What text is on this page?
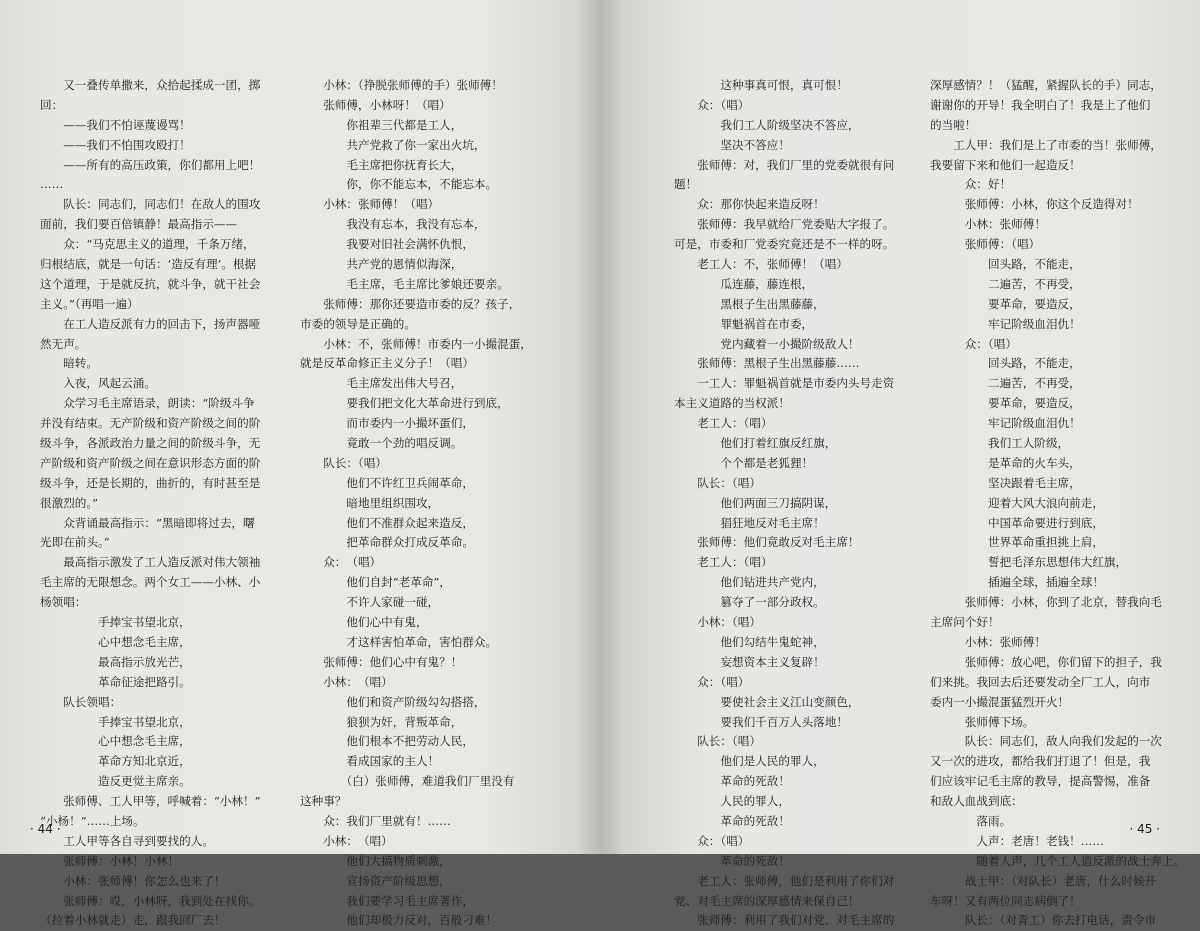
　　又一叠传单撒来，众拾起揉成一团，掷
回：
　　——我们不怕诬蔑谩骂！
　　——我们不怕围攻殴打！
　　——所有的高压政策，你们都用上吧！
……
　　队长：同志们，同志们！在敌人的围攻
面前，我们要百倍镇静！最高指示——
　　众：“马克思主义的道理，千条万绪，
归根结底，就是一句话：‘造反有理’。根据
这个道理，于是就反抗，就斗争，就干社会
主义。”（再唱一遍）
　　在工人造反派有力的回击下，扬声器哑
然无声。
　　暗转。
　　入夜，风起云涌。
　　众学习毛主席语录，朗读：“阶级斗争
并没有结束。无产阶级和资产阶级之间的阶
级斗争，各派政治力量之间的阶级斗争，无
产阶级和资产阶级之间在意识形态方面的阶
级斗争，还是长期的，曲折的，有时甚至是
很激烈的。”
　　众背诵最高指示：“黑暗即将过去，曙
光即在前头。”
　　最高指示激发了工人造反派对伟大领袖
毛主席的无限想念。两个女工——小林、小
杨领唱：
　　　　　手捧宝书望北京，
　　　　　心中想念毛主席，
　　　　　最高指示放光芒，
　　　　　革命征途把路引。
　　队长领唱：
　　　　　手捧宝书望北京，
　　　　　心中想念毛主席，
　　　　　革命方知北京近，
　　　　　造反更觉主席亲。
　　张师傅、工人甲等，呼喊着：“小林！”
“小杨！”……上场。
　　工人甲等各自寻到要找的人。
　　张师傅：小林！小林！
　　小林：张师傅！你怎么也来了！
　　张师傅：哎，小林呀，我到处在找你。
（拉着小林就走）走，跟我回厂去！
　　小林：（挣脱张师傅的手）张师傅！
　　张师傅，小林呀！（唱）
　　　　你祖辈三代都是工人，
　　　　共产党救了你一家出火坑，
　　　　毛主席把你抚育长大，
　　　　你，你不能忘本，不能忘本。
　　小林：张师傅！（唱）
　　　　我没有忘本，我没有忘本，
　　　　我要对旧社会满怀仇恨，
　　　　共产党的恩情似海深，
　　　　毛主席，毛主席比爹娘还要亲。
　　张师傅：那你还要造市委的反？孩子，
市委的领导是正确的。
　　小林：不，张师傅！市委内一小撮混蛋，
就是反革命修正主义分子！（唱）
　　　　毛主席发出伟大号召，
　　　　要我们把文化大革命进行到底，
　　　　而市委内一小撮坏蛋们，
　　　　竟敢一个劲的唱反调。
　　队长：（唱）
　　　　他们不许红卫兵闹革命，
　　　　暗地里组织围攻，
　　　　他们不准群众起来造反，
　　　　把革命群众打成反革命。
　　众：　（唱）
　　　　他们自封“老革命”，
　　　　不许人家碰一碰，
　　　　他们心中有鬼，
　　　　才这样害怕革命，害怕群众。
　　张师傅：他们心中有鬼？！
　　小林：　（唱）
　　　　他们和资产阶级勾勾搭搭，
　　　　狼狈为奸，背叛革命，
　　　　他们根本不把劳动人民，
　　　　看成国家的主人！
　　　　（白）张师傅，难道我们厂里没有
这种事？
　　众：我们厂里就有！……
　　小林：　（唱）
　　　　他们大搞物质刺激，
　　　　宣扬资产阶级思想，
　　　　我们要学习毛主席著作，
　　　　他们却极力反对，百般刁难！
· 44 ·
　　　　这种事真可恨，真可恨！
　　众：（唱）
　　　　我们工人阶级坚决不答应，
　　　　坚决不答应！
　　张师傅：对，我们厂里的党委就很有问
题！
　　众：那你快起来造反呀！
　　张师傅：我早就给厂党委贴大字报了。
可是，市委和厂党委究竟还是不一样的呀。
　　老工人：不，张师傅！（唱）
　　　　瓜连藤，藤连根，
　　　　黑根子生出黑藤藤，
　　　　罪魁祸首在市委，
　　　　党内藏着一小撮阶级敌人！
　　张师傅：黑根子生出黑藤藤……
　　一工人：罪魁祸首就是市委内头号走资
本主义道路的当权派！
　　老工人：（唱）
　　　　他们打着红旗反红旗，
　　　　个个都是老狐狸！
　　队长：（唱）
　　　　他们两面三刀搞阴谋，
　　　　猖狂地反对毛主席！
　　张师傅：他们竟敢反对毛主席！
　　老工人：（唱）
　　　　他们钻进共产党内，
　　　　篡夺了一部分政权。
　　小林：（唱）
　　　　他们勾结牛鬼蛇神，
　　　　妄想资本主义复辟！
　　众：（唱）
　　　　要使社会主义江山变颜色，
　　　　要我们千百万人头落地！
　　队长：（唱）
　　　　他们是人民的罪人，
　　　　革命的死敌！
　　　　人民的罪人，
　　　　革命的死敌！
　　众：（唱）
　　　　革命的死敌！
　　老工人：张师傅，他们是利用了你们对
党、对毛主席的深厚感情来保自己！
　　张师傅：利用了我们对党、对毛主席的
深厚感情？！（猛醒，紧握队长的手）同志，
谢谢你的开导！我全明白了！我是上了他们
的当啦！
　　工人甲：我们是上了市委的当！张师傅，
我要留下来和他们一起造反！
　　　众：好！
　　　张师傅：小林，你这个反造得对！
　　　小林：张师傅！
　　　张师傅：（唱）
　　　　　回头路，不能走，
　　　　　二遍苦，不再受，
　　　　　要革命，要造反，
　　　　　牢记阶级血泪仇！
　　　众：（唱）
　　　　　回头路，不能走，
　　　　　二遍苦，不再受，
　　　　　要革命，要造反，
　　　　　牢记阶级血泪仇！
　　　　　我们工人阶级，
　　　　　是革命的火车头，
　　　　　坚决跟着毛主席，
　　　　　迎着大风大浪向前走，
　　　　　中国革命要进行到底，
　　　　　世界革命重担挑上肩，
　　　　　誓把毛泽东思想伟大红旗，
　　　　　插遍全球，插遍全球！
　　　张师傅：小林，你到了北京，替我向毛
主席问个好！
　　　小林：张师傅！
　　　张师傅：放心吧，你们留下的担子，我
们来挑。我回去后还要发动全厂工人，向市
委内一小撮混蛋猛烈开火！
　　　张师傅下场。
　　　队长：同志们，敌人向我们发起的一次
又一次的进攻，都给我们打退了！但是，我
们应该牢记毛主席的教导，提高警惕，准备
和敌人血战到底：
　　　　落雨。
　　　　人声：老唐！老钱！……
　　　　随着人声，几个工人造反派的战士奔上。
　　　战士甲：（对队长）老唐，什么时候开
车呀！又有两位同志病倒了！
　　　队长：（对青工）你去打电话，责令市
· 45 ·
